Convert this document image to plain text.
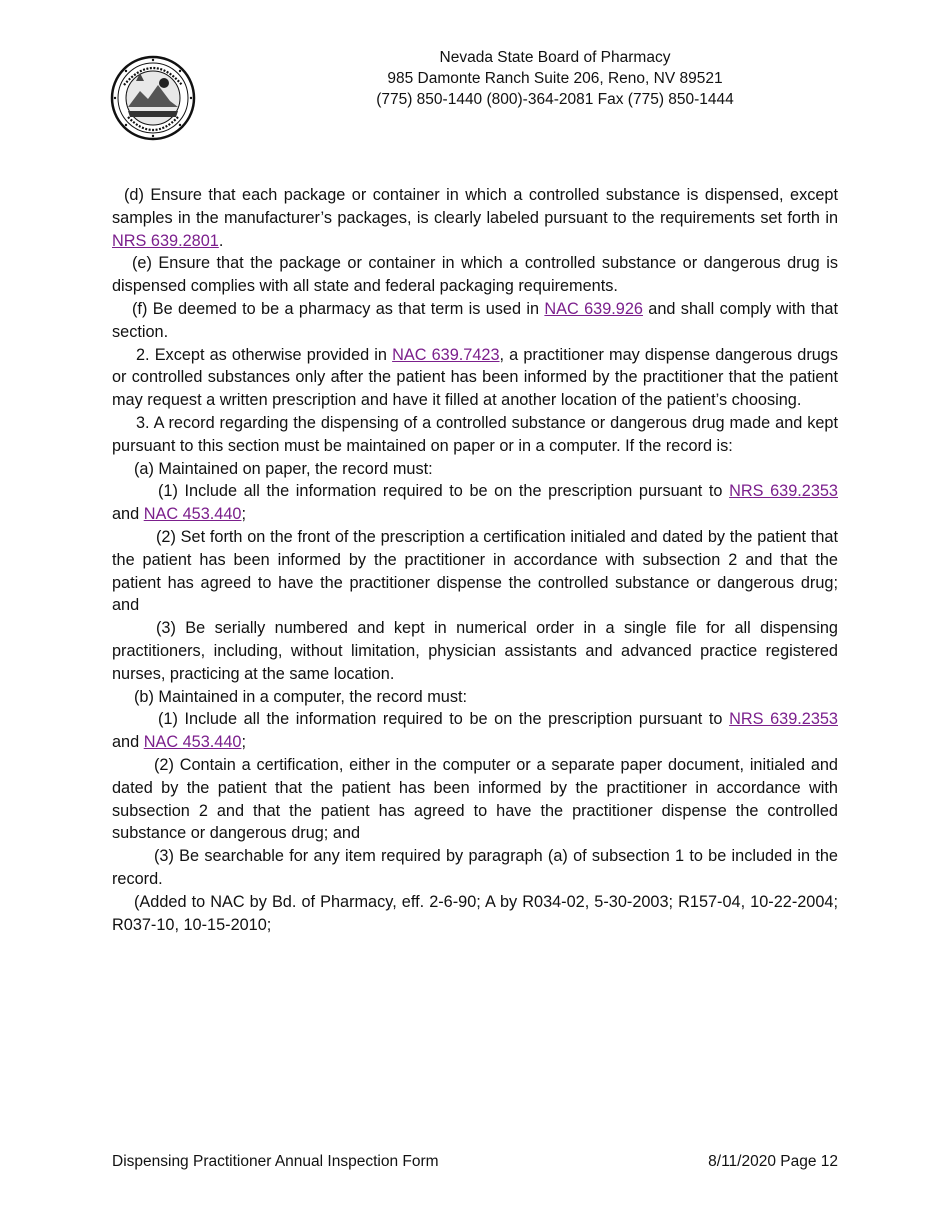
Nevada State Board of Pharmacy
985 Damonte Ranch Suite 206, Reno, NV 89521
(775) 850-1440 (800)-364-2081 Fax (775) 850-1444

(d) Ensure that each package or container in which a controlled substance is dispensed, except samples in the manufacturer’s packages, is clearly labeled pursuant to the requirements set forth in NRS 639.2801.

(e) Ensure that the package or container in which a controlled substance or dangerous drug is dispensed complies with all state and federal packaging requirements.

(f) Be deemed to be a pharmacy as that term is used in NAC 639.926 and shall comply with that section.

2. Except as otherwise provided in NAC 639.7423, a practitioner may dispense dangerous drugs or controlled substances only after the patient has been informed by the practitioner that the patient may request a written prescription and have it filled at another location of the patient’s choosing.

3. A record regarding the dispensing of a controlled substance or dangerous drug made and kept pursuant to this section must be maintained on paper or in a computer. If the record is:

(a) Maintained on paper, the record must:

(1) Include all the information required to be on the prescription pursuant to NRS 639.2353 and NAC 453.440;

(2) Set forth on the front of the prescription a certification initialed and dated by the patient that the patient has been informed by the practitioner in accordance with subsection 2 and that the patient has agreed to have the practitioner dispense the controlled substance or dangerous drug; and

(3) Be serially numbered and kept in numerical order in a single file for all dispensing practitioners, including, without limitation, physician assistants and advanced practice registered nurses, practicing at the same location.

(b) Maintained in a computer, the record must:

(1) Include all the information required to be on the prescription pursuant to NRS 639.2353 and NAC 453.440;

(2) Contain a certification, either in the computer or a separate paper document, initialed and dated by the patient that the patient has been informed by the practitioner in accordance with subsection 2 and that the patient has agreed to have the practitioner dispense the controlled substance or dangerous drug; and

(3) Be searchable for any item required by paragraph (a) of subsection 1 to be included in the record.

(Added to NAC by Bd. of Pharmacy, eff. 2-6-90; A by R034-02, 5-30-2003; R157-04, 10-22-2004; R037-10, 10-15-2010;

Dispensing Practitioner Annual Inspection Form	8/11/2020 Page 12
